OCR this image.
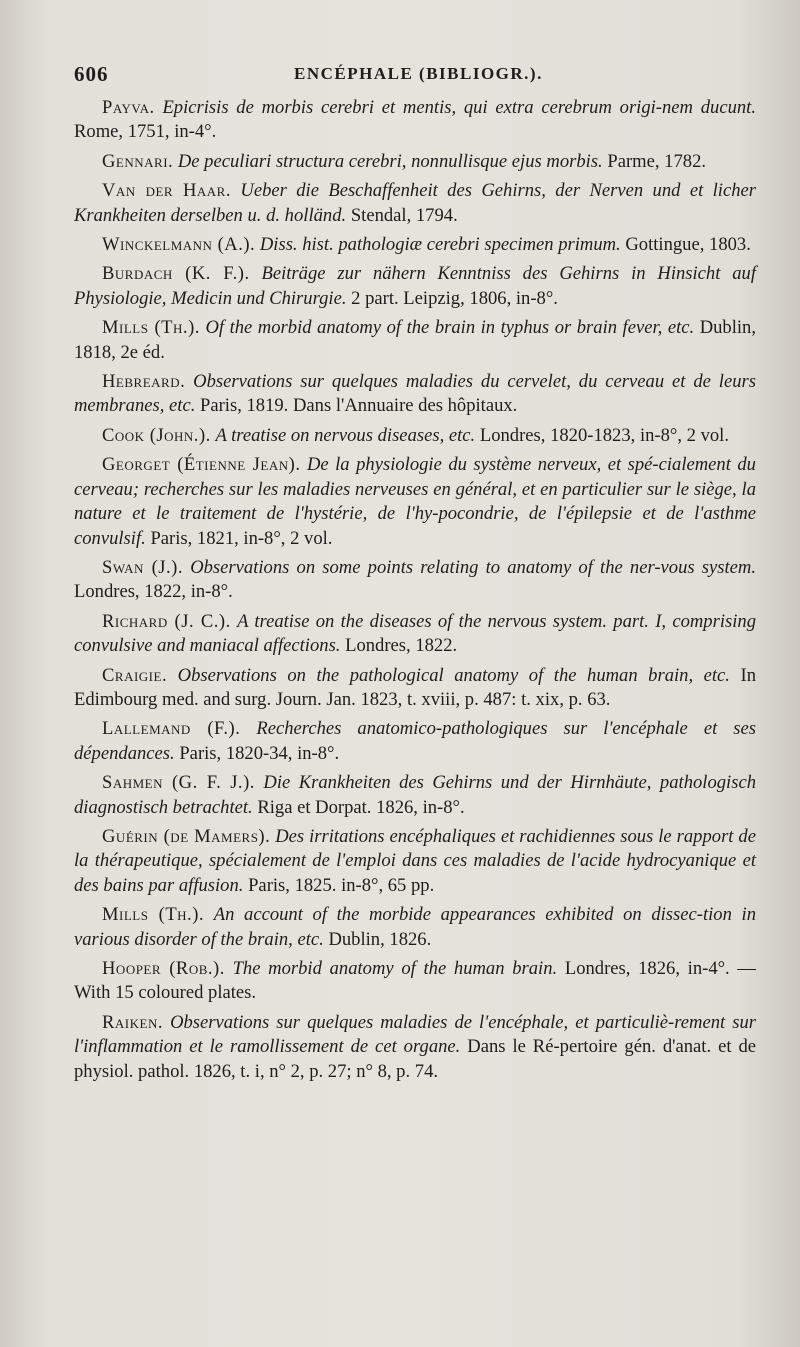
606	ENCÉPHALE (BIBLIOGR.).

Payva. Epicrisis de morbis cerebri et mentis, qui extra cerebrum origi-nem ducunt. Rome, 1751, in-4°.

Gennari. De peculiari structura cerebri, nonnullisque ejus morbis. Parme, 1782.

Van der Haar. Ueber die Beschaffenheit des Gehirns, der Nerven und et licher Krankheiten derselben u. d. holländ. Stendal, 1794.

Winckelmann (A.). Diss. hist. pathologiæ cerebri specimen primum. Gottingue, 1803.

Burdach (K. F.). Beiträge zur nähern Kenntniss des Gehirns in Hinsicht auf Physiologie, Medicin und Chirurgie. 2 part. Leipzig, 1806, in-8°.

Mills (Th.). Of the morbid anatomy of the brain in typhus or brain fever, etc. Dublin, 1818, 2e éd.

Hebreard. Observations sur quelques maladies du cervelet, du cerveau et de leurs membranes, etc. Paris, 1819. Dans l'Annuaire des hôpitaux.

Cook (John.). A treatise on nervous diseases, etc. Londres, 1820-1823, in-8°, 2 vol.

Georget (Étienne Jean). De la physiologie du système nerveux, et spé-cialement du cerveau; recherches sur les maladies nerveuses en général, et en particulier sur le siège, la nature et le traitement de l'hystérie, de l'hy-pocondrie, de l'épilepsie et de l'asthme convulsif. Paris, 1821, in-8°, 2 vol.

Swan (J.). Observations on some points relating to anatomy of the ner-vous system. Londres, 1822, in-8°.

Richard (J. C.). A treatise on the diseases of the nervous system. part. I, comprising convulsive and maniacal affections. Londres, 1822.

Craigie. Observations on the pathological anatomy of the human brain, etc. In Edimbourg med. and surg. Journ. Jan. 1823, t. xviii, p. 487: t. xix, p. 63.

Lallemand (F.). Recherches anatomico-pathologiques sur l'encéphale et ses dépendances. Paris, 1820-34, in-8°.

Sahmen (G. F. J.). Die Krankheiten des Gehirns und der Hirnhäute, pathologisch diagnostisch betrachtet. Riga et Dorpat. 1826, in-8°.

Guérin (de Mamers). Des irritations encéphaliques et rachidiennes sous le rapport de la thérapeutique, spécialement de l'emploi dans ces maladies de l'acide hydrocyanique et des bains par affusion. Paris, 1825. in-8°, 65 pp.

Mills (Th.). An account of the morbide appearances exhibited on dissec-tion in various disorder of the brain, etc. Dublin, 1826.

Hooper (Rob.). The morbid anatomy of the human brain. Londres, 1826, in-4°. — With 15 coloured plates.

Raiken. Observations sur quelques maladies de l'encéphale, et particuliè-rement sur l'inflammation et le ramollissement de cet organe. Dans le Ré-pertoire gén. d'anat. et de physiol. pathol. 1826, t. i, n° 2, p. 27; n° 8, p. 74.
